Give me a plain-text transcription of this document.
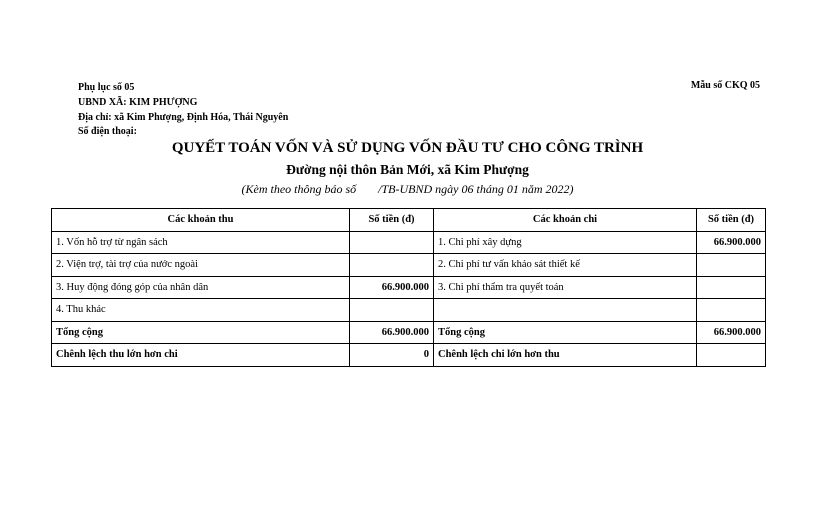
Phụ lục số 05
UBND XÃ: KIM PHƯỢNG
Địa chỉ: xã Kim Phượng, Định Hóa, Thái Nguyên
Số điện thoại:
Mẫu số CKQ 05
QUYẾT TOÁN VỐN VÀ SỬ DỤNG VỐN ĐẦU TƯ CHO CÔNG TRÌNH
Đường nội thôn Bản Mới, xã Kim Phượng
(Kèm theo thông báo số /TB-UBND ngày 06 tháng 01 năm 2022)
Các khoản thu	Số tiền (đ)	Các khoản chi	Số tiền (đ)
1. Vốn hỗ trợ từ ngân sách		1. Chi phí xây dựng	66.900.000
2. Viện trợ, tài trợ của nước ngoài		2. Chi phí tư vấn khảo sát thiết kế	
3. Huy động đóng góp của nhân dân	66.900.000	3. Chi phí thẩm tra quyết toán	
4. Thu khác			
Tổng cộng	66.900.000	Tổng cộng	66.900.000
Chênh lệch thu lớn hơn chi	0	Chênh lệch chi lớn hơn thu	
